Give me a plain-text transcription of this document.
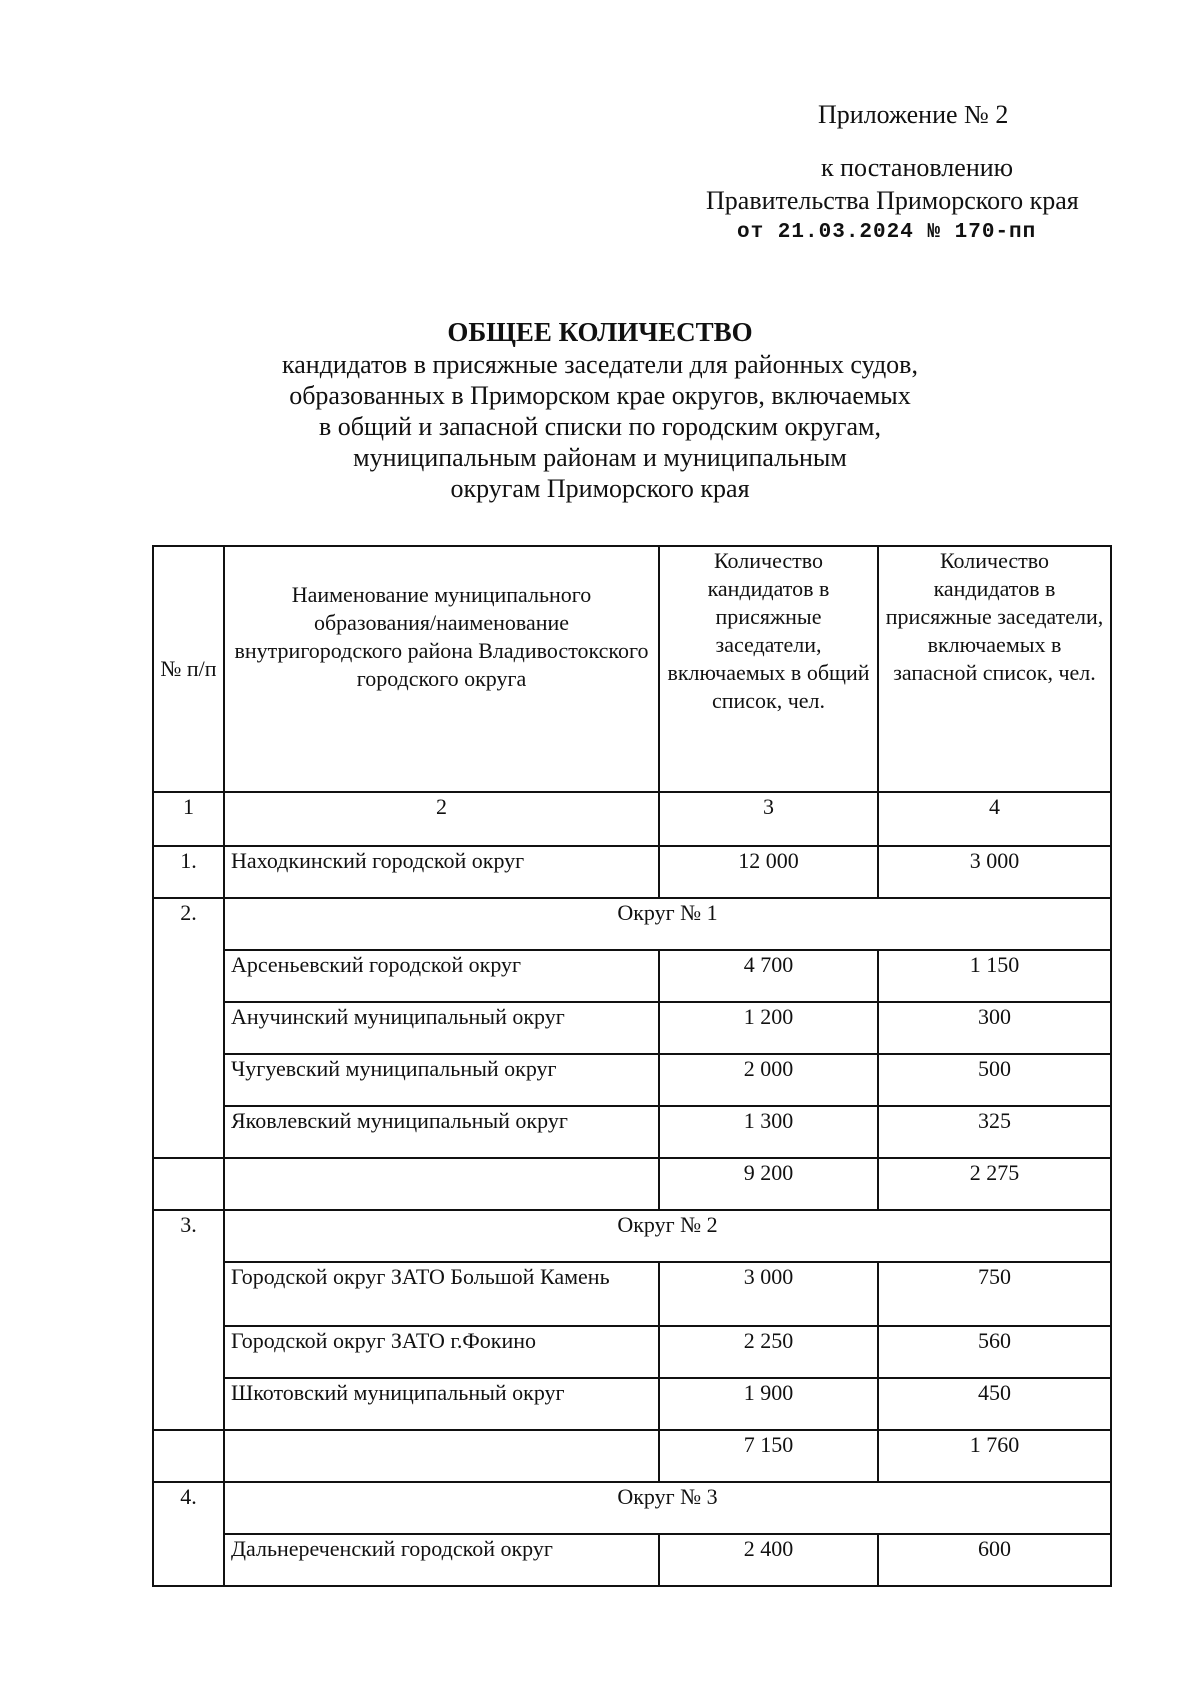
Приложение № 2
к постановлению
Правительства Приморского края
от 21.03.2024 № 170-пп
ОБЩЕЕ КОЛИЧЕСТВО
кандидатов в присяжные заседатели для районных судов,
образованных в Приморском крае округов, включаемых
в общий и запасной списки по городским округам,
муниципальным районам и муниципальным
округам Приморского края
№ п/п	Наименование муниципального образования/наименование внутригородского района Владивостокского городского округа	Количество кандидатов в присяжные заседатели, включаемых в общий список, чел.	Количество кандидатов в присяжные заседатели, включаемых в запасной список, чел.
1	2	3	4
1.	Находкинский городской округ	12 000	3 000
2.	Округ № 1		
	Арсеньевский городской округ	4 700	1 150
	Анучинский муниципальный округ	1 200	300
	Чугуевский муниципальный округ	2 000	500
	Яковлевский муниципальный округ	1 300	325
		9 200	2 275
3.	Округ № 2		
	Городской округ ЗАТО Большой Камень	3 000	750
	Городской округ ЗАТО г.Фокино	2 250	560
	Шкотовский муниципальный округ	1 900	450
		7 150	1 760
4.	Округ № 3		
	Дальнереченский городской округ	2 400	600
